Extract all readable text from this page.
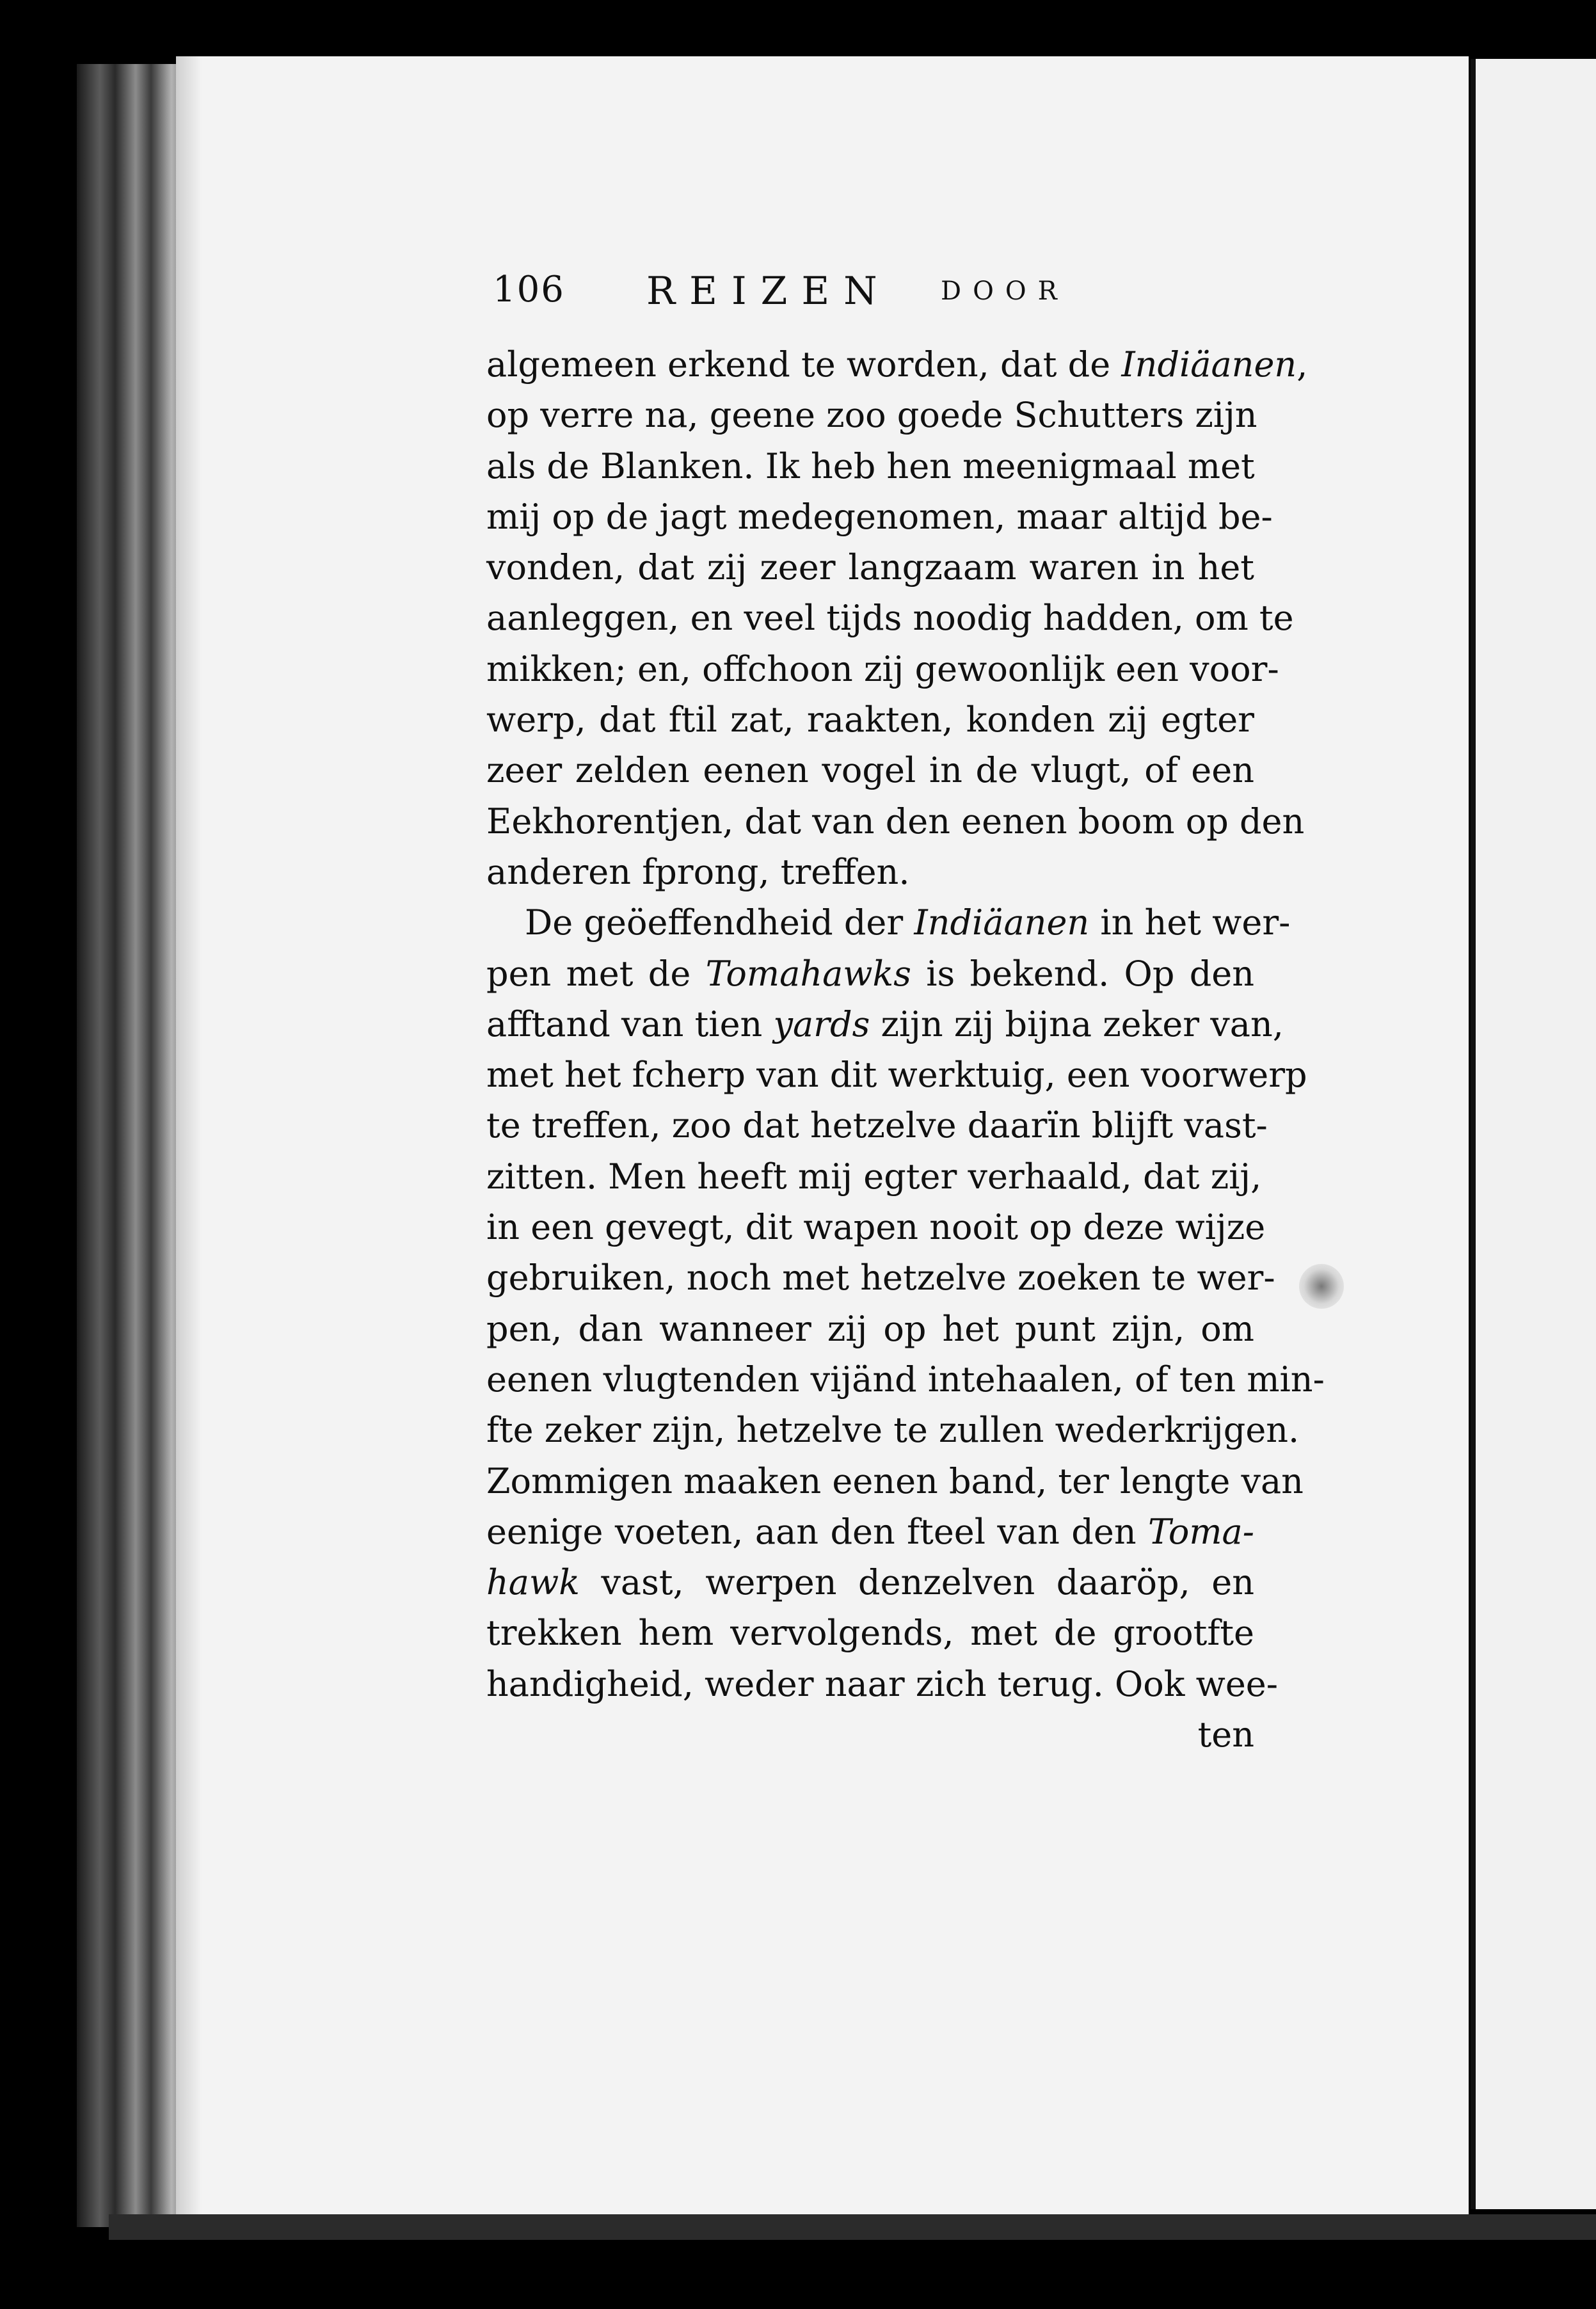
106 REIZEN DOOR
algemeen erkend te worden, dat de Indiäanen
op verre na, geene zoo goede Schutters zijn
als de Blanken. Ik heb hen meenigmaal met
mij op de jagt medegenomen, maar altijd be-
vonden, dat zij zeer langzaam waren in het
aanleggen, en veel tijds noodig hadden, om te
mikken; en, offchoon zij gewoonlijk een voor-
werp, dat ftil zat, raakten, konden zij egter
zeer zelden eenen vogel in de vlugt, of een
Eekhorentjen, dat van den eenen boom op den
anderen fprong, treffen.
De geöeffendheid der Indiäanen in het wer-
pen met de Tomahawks is bekend. Op den
afftand van tien yards zijn zij bijna zeker van,
met het fcherp van dit werktuig, een voorwerp
te treffen, zoo dat hetzelve daarïn blijft vast-
zitten. Men heeft mij egter verhaald, dat zij,
in een gevegt, dit wapen nooit op deze wijze
gebruiken, noch met hetzelve zoeken te wer-
pen, dan wanneer zij op het punt zijn, om
eenen vlugtenden vijänd intehaalen, of ten min-
fte zeker zijn, hetzelve te zullen wederkrijgen.
Zommigen maaken eenen band, ter lengte van
eenige voeten, aan den fteel van den Toma-
hawk vast, werpen denzelven daaröp, en
trekken hem vervolgends, met de grootfte
handigheid, weder naar zich terug. Ook wee-
ten
